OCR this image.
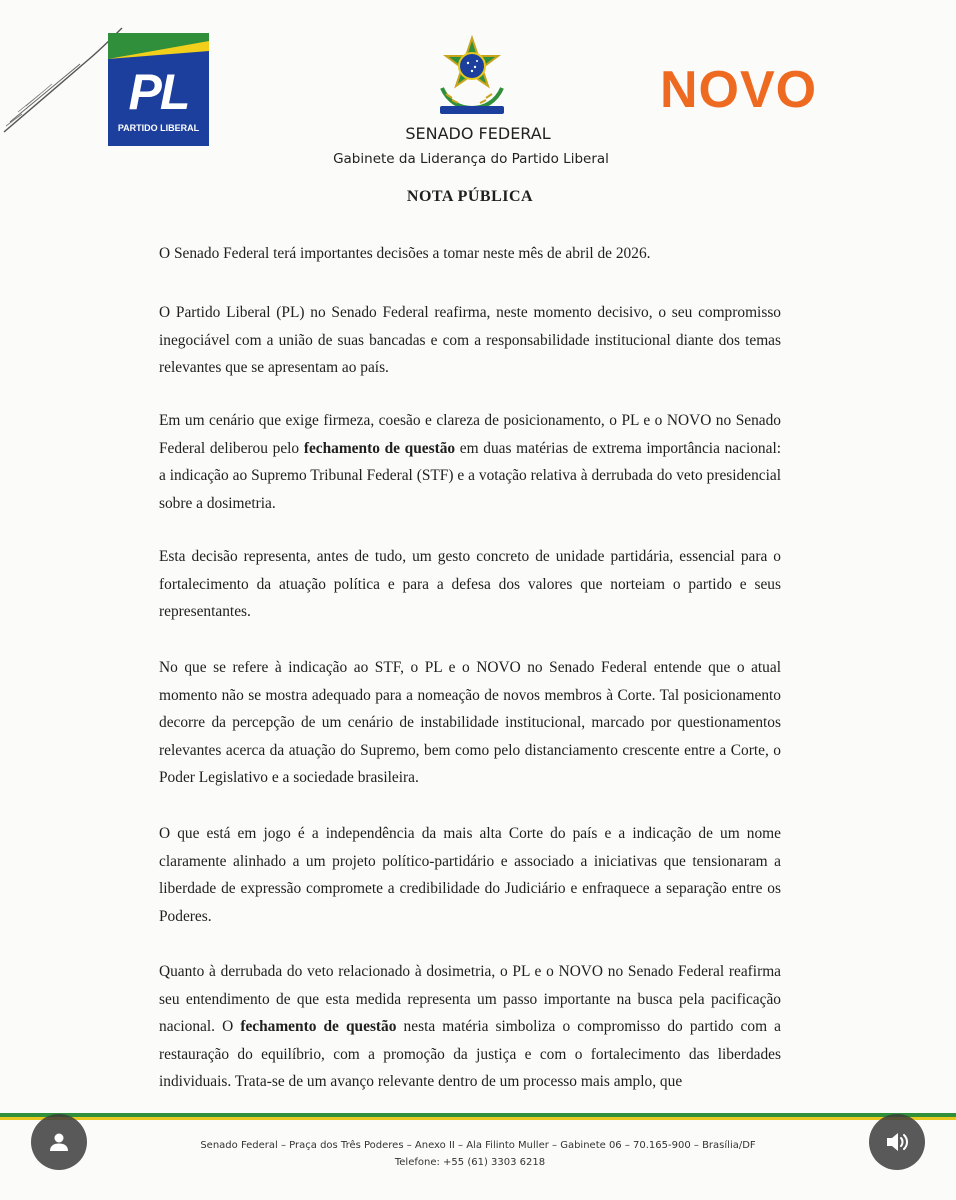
PL
PARTIDO LIBERAL
NOVO
SENADO FEDERAL
Gabinete da Liderança do Partido Liberal
NOTA PÚBLICA
O Senado Federal terá importantes decisões a tomar neste mês de abril de 2026.
O Partido Liberal (PL) no Senado Federal reafirma, neste momento decisivo, o seu compromisso inegociável com a união de suas bancadas e com a responsabilidade institucional diante dos temas relevantes que se apresentam ao país.
Em um cenário que exige firmeza, coesão e clareza de posicionamento, o PL e o NOVO no Senado Federal deliberou pelo fechamento de questão em duas matérias de extrema importância nacional: a indicação ao Supremo Tribunal Federal (STF) e a votação relativa à derrubada do veto presidencial sobre a dosimetria.
Esta decisão representa, antes de tudo, um gesto concreto de unidade partidária, essencial para o fortalecimento da atuação política e para a defesa dos valores que norteiam o partido e seus representantes.
No que se refere à indicação ao STF, o PL e o NOVO no Senado Federal entende que o atual momento não se mostra adequado para a nomeação de novos membros à Corte. Tal posicionamento decorre da percepção de um cenário de instabilidade institucional, marcado por questionamentos relevantes acerca da atuação do Supremo, bem como pelo distanciamento crescente entre a Corte, o Poder Legislativo e a sociedade brasileira.
O que está em jogo é a independência da mais alta Corte do país e a indicação de um nome claramente alinhado a um projeto político-partidário e associado a iniciativas que tensionaram a liberdade de expressão compromete a credibilidade do Judiciário e enfraquece a separação entre os Poderes.
Quanto à derrubada do veto relacionado à dosimetria, o PL e o NOVO no Senado Federal reafirma seu entendimento de que esta medida representa um passo importante na busca pela pacificação nacional. O fechamento de questão nesta matéria simboliza o compromisso do partido com a restauração do equilíbrio, com a promoção da justiça e com o fortalecimento das liberdades individuais. Trata-se de um avanço relevante dentro de um processo mais amplo, que
Senado Federal – Praça dos Três Poderes – Anexo II – Ala Filinto Muller – Gabinete 06 – 70.165-900 – Brasília/DF
Telefone: +55 (61) 3303 6218
